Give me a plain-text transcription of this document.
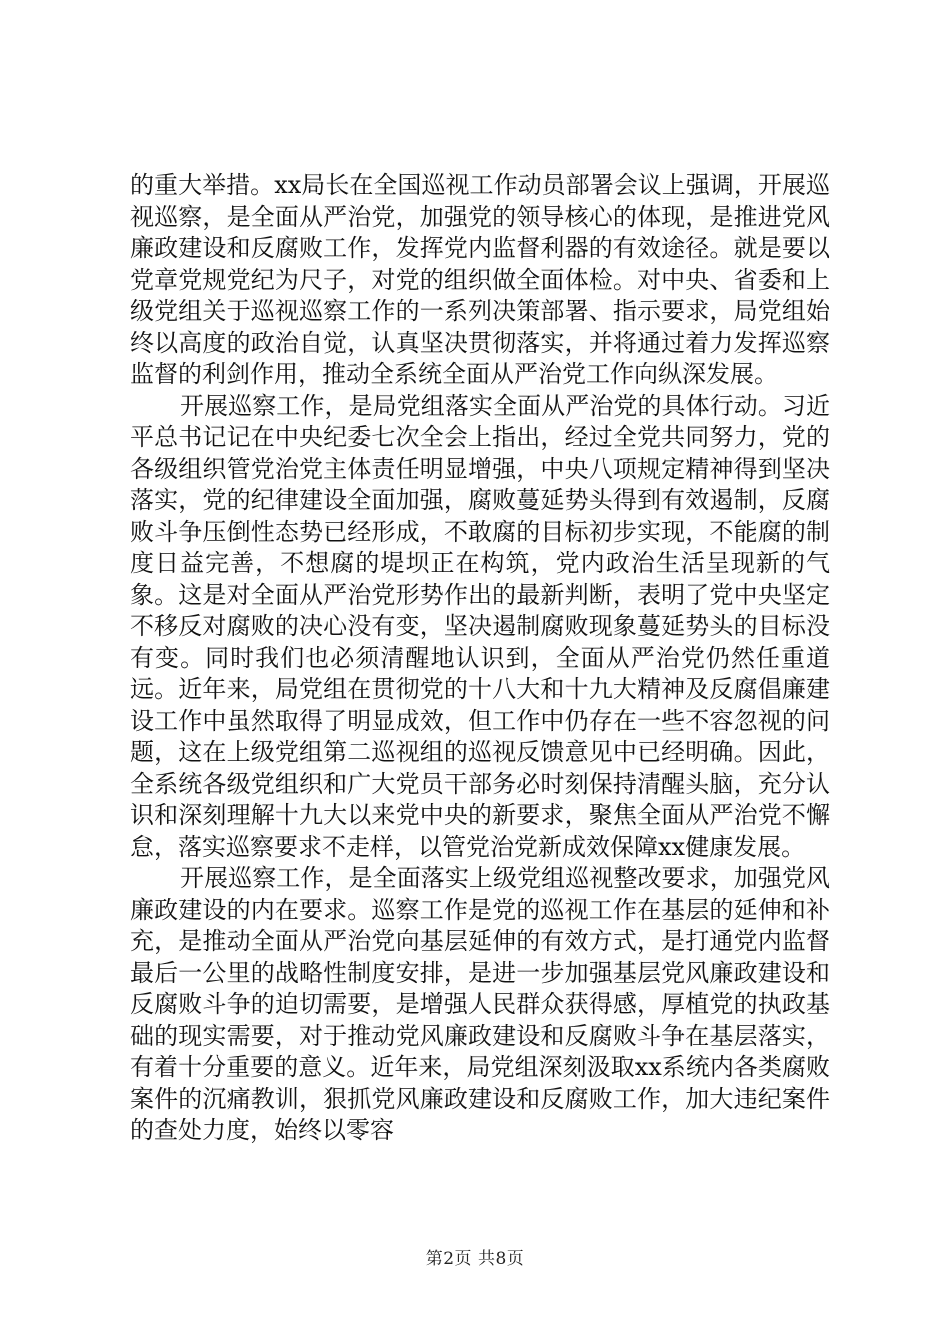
的重大举措。xx局长在全国巡视工作动员部署会议上强调，开展巡视巡察，是全面从严治党，加强党的领导核心的体现，是推进党风廉政建设和反腐败工作，发挥党内监督利器的有效途径。就是要以党章党规党纪为尺子，对党的组织做全面体检。对中央、省委和上级党组关于巡视巡察工作的一系列决策部署、指示要求，局党组始终以高度的政治自觉，认真坚决贯彻落实，并将通过着力发挥巡察监督的利剑作用，推动全系统全面从严治党工作向纵深发展。

开展巡察工作，是局党组落实全面从严治党的具体行动。习近平总书记记在中央纪委七次全会上指出，经过全党共同努力，党的各级组织管党治党主体责任明显增强，中央八项规定精神得到坚决落实，党的纪律建设全面加强，腐败蔓延势头得到有效遏制，反腐败斗争压倒性态势已经形成，不敢腐的目标初步实现，不能腐的制度日益完善，不想腐的堤坝正在构筑，党内政治生活呈现新的气象。这是对全面从严治党形势作出的最新判断，表明了党中央坚定不移反对腐败的决心没有变，坚决遏制腐败现象蔓延势头的目标没有变。同时我们也必须清醒地认识到，全面从严治党仍然任重道远。近年来，局党组在贯彻党的十八大和十九大精神及反腐倡廉建设工作中虽然取得了明显成效，但工作中仍存在一些不容忽视的问题，这在上级党组第二巡视组的巡视反馈意见中已经明确。因此，全系统各级党组织和广大党员干部务必时刻保持清醒头脑，充分认识和深刻理解十九大以来党中央的新要求，聚焦全面从严治党不懈怠，落实巡察要求不走样，以管党治党新成效保障xx健康发展。

开展巡察工作，是全面落实上级党组巡视整改要求，加强党风廉政建设的内在要求。巡察工作是党的巡视工作在基层的延伸和补充，是推动全面从严治党向基层延伸的有效方式，是打通党内监督最后一公里的战略性制度安排，是进一步加强基层党风廉政建设和反腐败斗争的迫切需要，是增强人民群众获得感，厚植党的执政基础的现实需要，对于推动党风廉政建设和反腐败斗争在基层落实，有着十分重要的意义。近年来，局党组深刻汲取xx系统内各类腐败案件的沉痛教训，狠抓党风廉政建设和反腐败工作，加大违纪案件的查处力度，始终以零容

第2页 共8页
